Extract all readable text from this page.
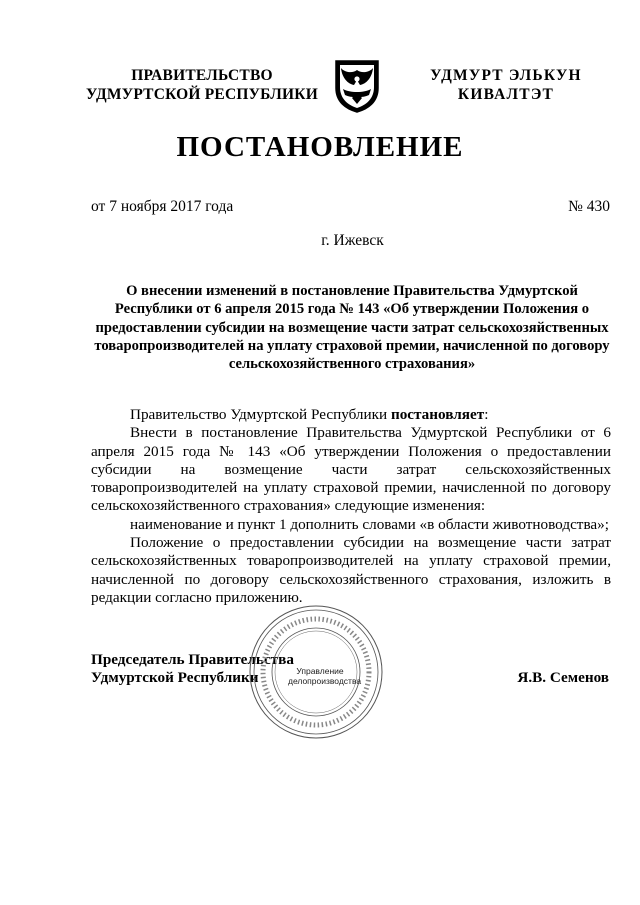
ПРАВИТЕЛЬСТВО
УДМУРТСКОЙ РЕСПУБЛИКИ
УДМУРТ ЭЛЬКУН
КИВАЛТЭТ
ПОСТАНОВЛЕНИЕ
от 7 ноября 2017 года	№ 430
г. Ижевск
О внесении изменений в постановление Правительства Удмуртской Республики от 6 апреля 2015 года № 143 «Об утверждении Положения о предоставлении субсидии на возмещение части затрат сельскохозяйственных товаропроизводителей на уплату страховой премии, начисленной по договору сельскохозяйственного страхования»

Правительство Удмуртской Республики постановляет:

Внести в постановление Правительства Удмуртской Республики от 6 апреля 2015 года № 143 «Об утверждении Положения о предоставлении субсидии на возмещение части затрат сельскохозяйственных товаропроизводителей на уплату страховой премии, начисленной по договору сельскохозяйственного страхования» следующие изменения:

наименование и пункт 1 дополнить словами «в области животноводства»;

Положение о предоставлении субсидии на возмещение части затрат сельскохозяйственных товаропроизводителей на уплату страховой премии, начисленной по договору сельскохозяйственного страхования, изложить в редакции согласно приложению.

Председатель Правительства
Удмуртской Республики	Я.В. Семенов
Управление
делопроизводства
